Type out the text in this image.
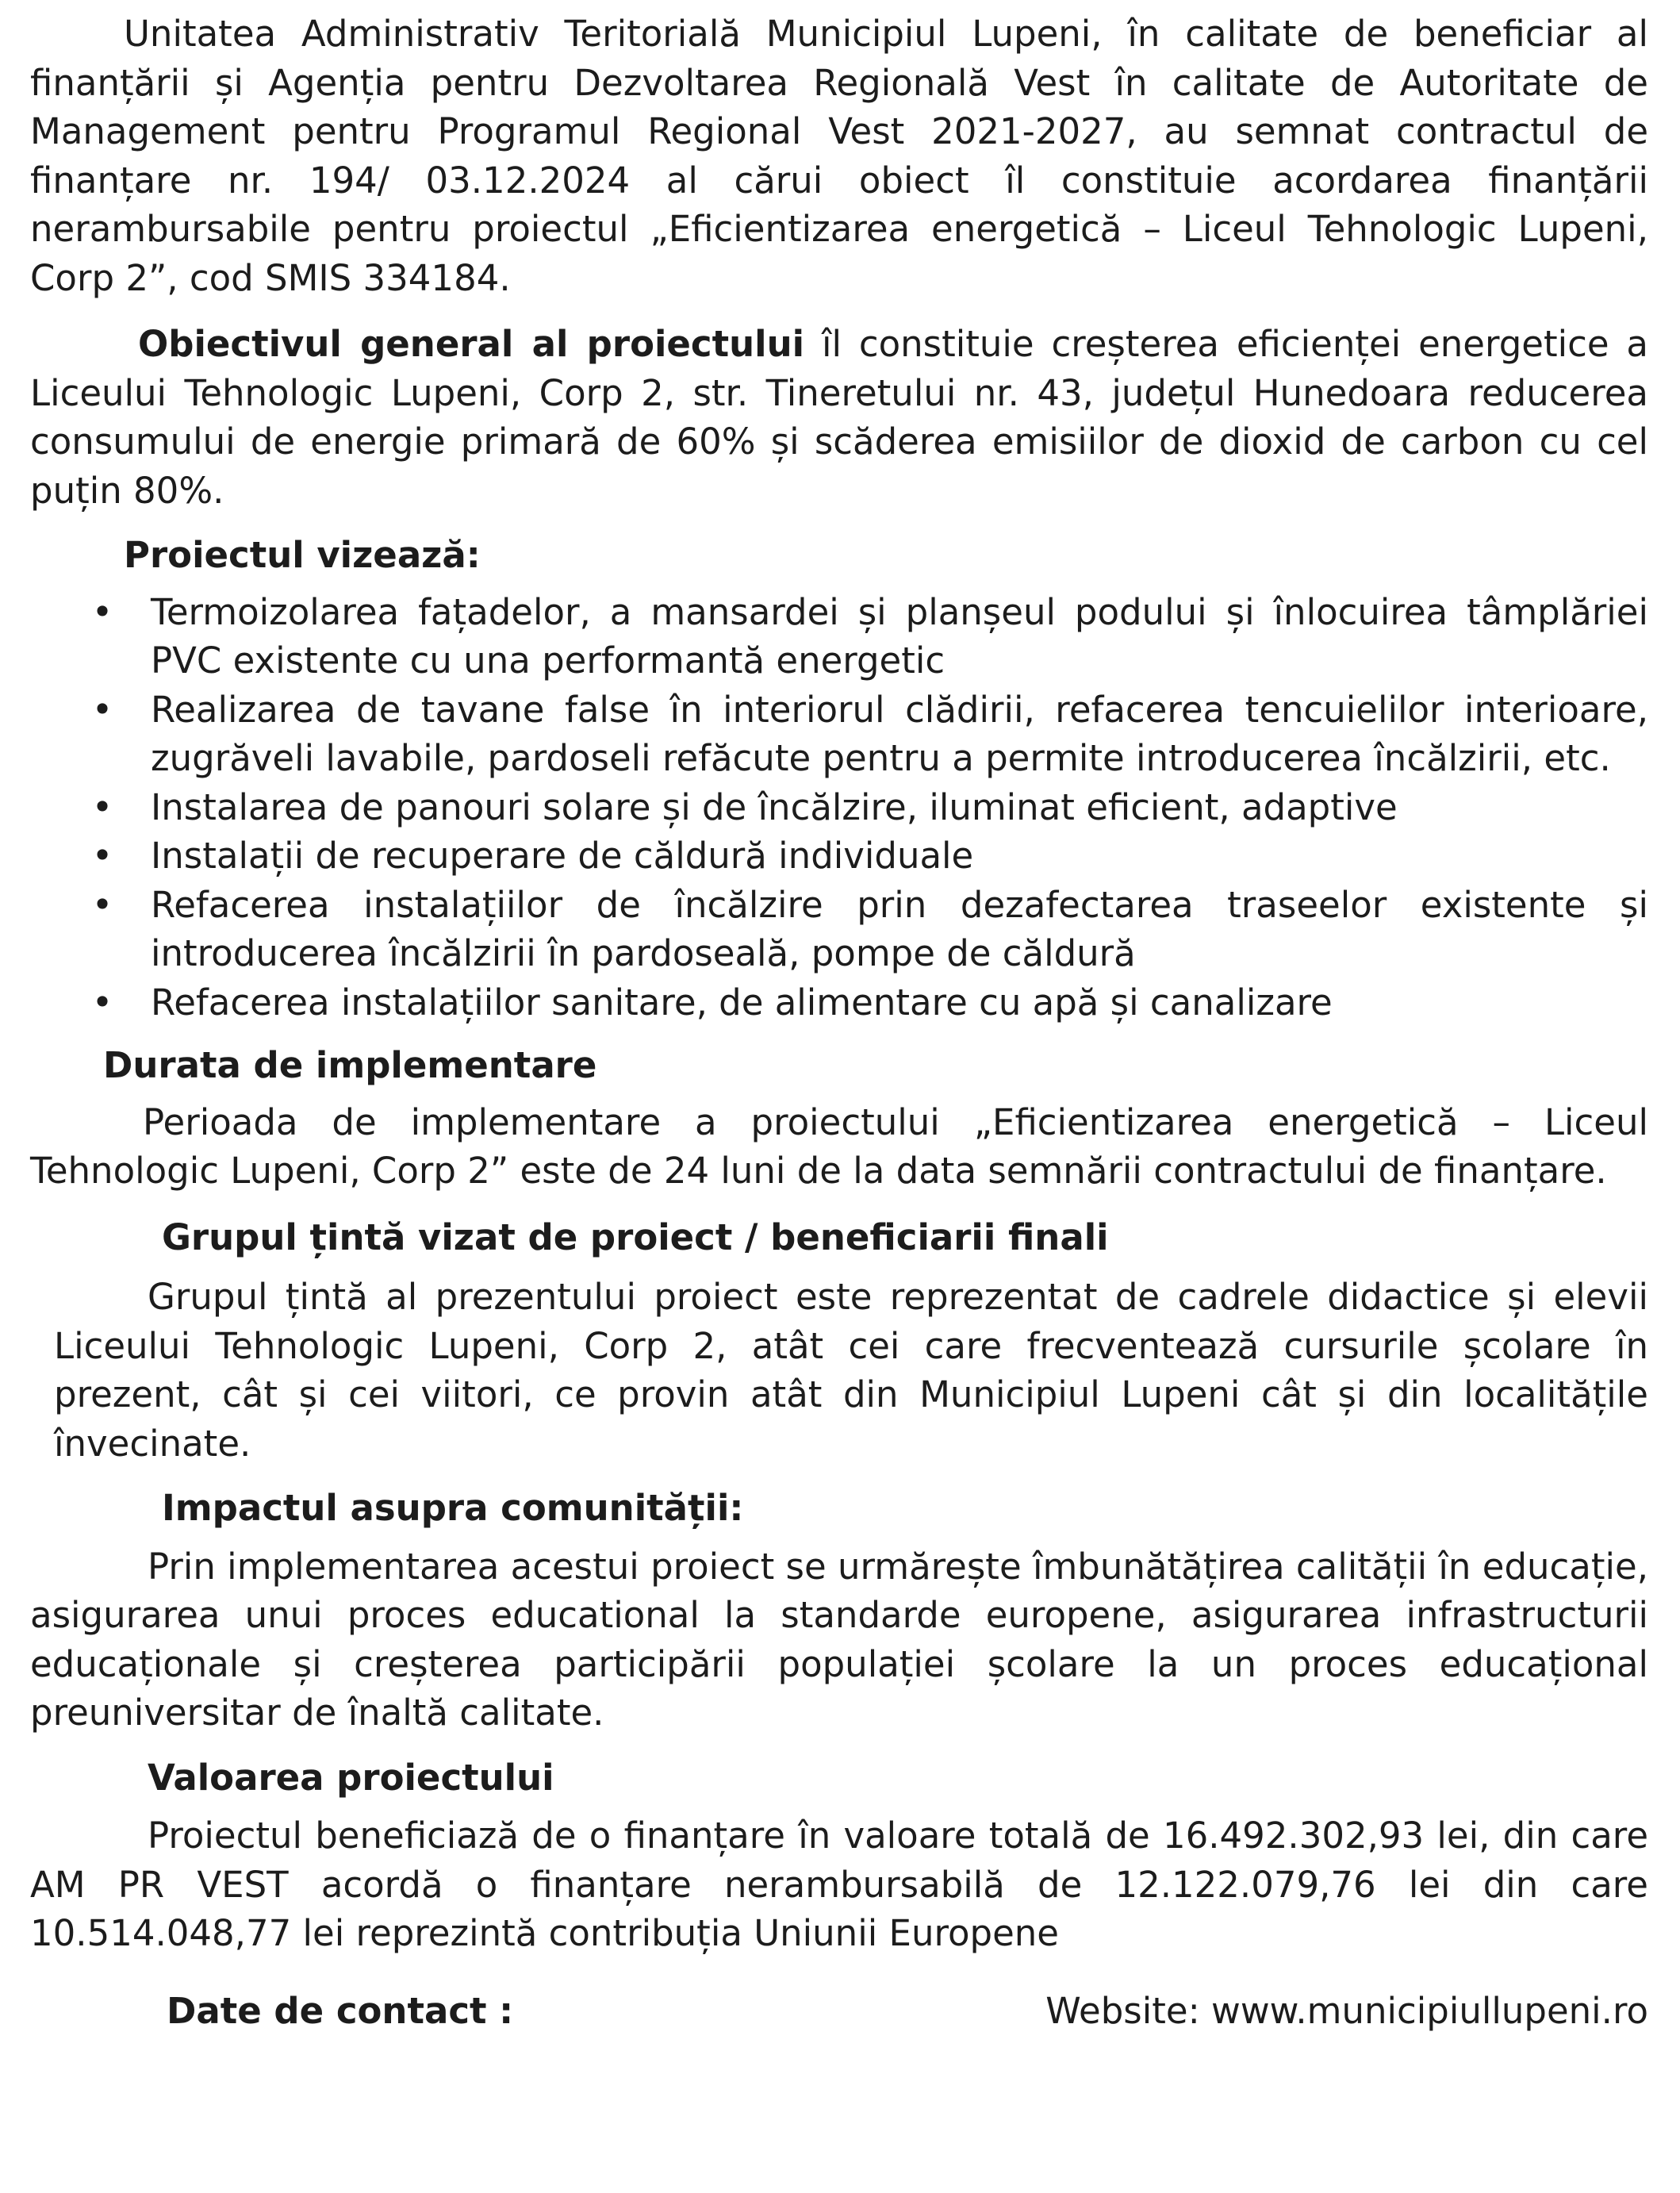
Unitatea Administrativ Teritorială Municipiul Lupeni, în calitate de beneficiar al finanțării și Agenția pentru Dezvoltarea Regională Vest în calitate de Autoritate de Management pentru Programul Regional Vest 2021-2027, au semnat contractul de finanțare nr. 194/ 03.12.2024 al cărui obiect îl constituie acordarea finanțării nerambursabile pentru proiectul „Eficientizarea energetică – Liceul Tehnologic Lupeni, Corp 2”, cod SMIS 334184.

Obiectivul general al proiectului îl constituie creșterea eficienței energetice a Liceului Tehnologic Lupeni, Corp 2, str. Tineretului nr. 43, județul Hunedoara reducerea consumului de energie primară de 60% și scăderea emisiilor de dioxid de carbon cu cel puțin 80%.

Proiectul vizează:
• Termoizolarea fațadelor, a mansardei și planșeul podului și înlocuirea tâmplăriei PVC existente cu una performantă energetic
• Realizarea de tavane false în interiorul clădirii, refacerea tencuielilor interioare, zugrăveli lavabile, pardoseli refăcute pentru a permite introducerea încălzirii, etc.
• Instalarea de panouri solare și de încălzire, iluminat eficient, adaptive
• Instalații de recuperare de căldură individuale
• Refacerea instalațiilor de încălzire prin dezafectarea traseelor existente și introducerea încălzirii în pardoseală, pompe de căldură
• Refacerea instalațiilor sanitare, de alimentare cu apă și canalizare
Durata de implementare

Perioada de implementare a proiectului „Eficientizarea energetică – Liceul Tehnologic Lupeni, Corp 2” este de 24 luni de la data semnării contractului de finanțare.

Grupul țintă vizat de proiect / beneficiarii finali

Grupul țintă al prezentului proiect este reprezentat de cadrele didactice și elevii Liceului Tehnologic Lupeni, Corp 2, atât cei care frecventează cursurile școlare în prezent, cât și cei viitori, ce provin atât din Municipiul Lupeni cât și din localitățile învecinate.

Impactul asupra comunității:

Prin implementarea acestui proiect se urmărește îmbunătățirea calității în educație, asigurarea unui proces educational la standarde europene, asigurarea infrastructurii educaționale și creșterea participării populației școlare la un proces educațional preuniversitar de înaltă calitate.

Valoarea proiectului

Proiectul beneficiază de o finanțare în valoare totală de 16.492.302,93 lei, din care AM PR VEST acordă o finanțare nerambursabilă de 12.122.079,76 lei din care 10.514.048,77 lei reprezintă contribuția Uniunii Europene

Date de contact :	Website: www.municipiullupeni.ro
